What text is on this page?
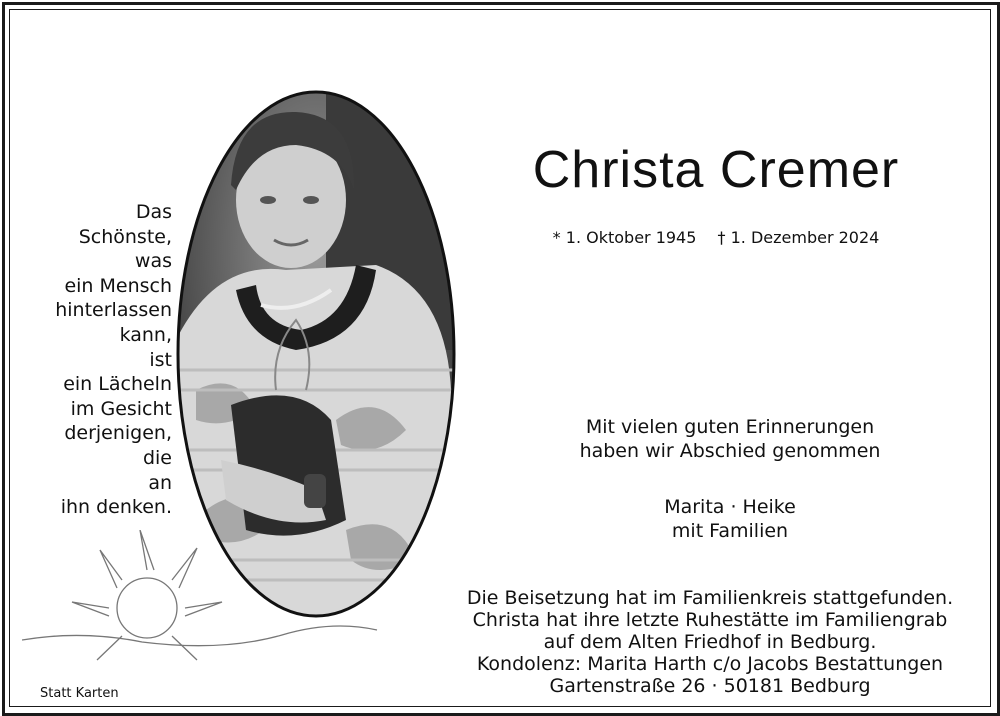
Das
Schönste,
was
ein Mensch
hinterlassen
kann,
ist
ein Lächeln
im Gesicht
derjenigen,
die
an
ihn denken.
Christa Cremer
* 1. Oktober 1945 † 1. Dezember 2024
Mit vielen guten Erinnerungen
haben wir Abschied genommen
Marita · Heike
mit Familien
Die Beisetzung hat im Familienkreis stattgefunden.
Christa hat ihre letzte Ruhestätte im Familiengrab
auf dem Alten Friedhof in Bedburg.
Kondolenz: Marita Harth c/o Jacobs Bestattungen
Gartenstraße 26 · 50181 Bedburg
Statt Karten
